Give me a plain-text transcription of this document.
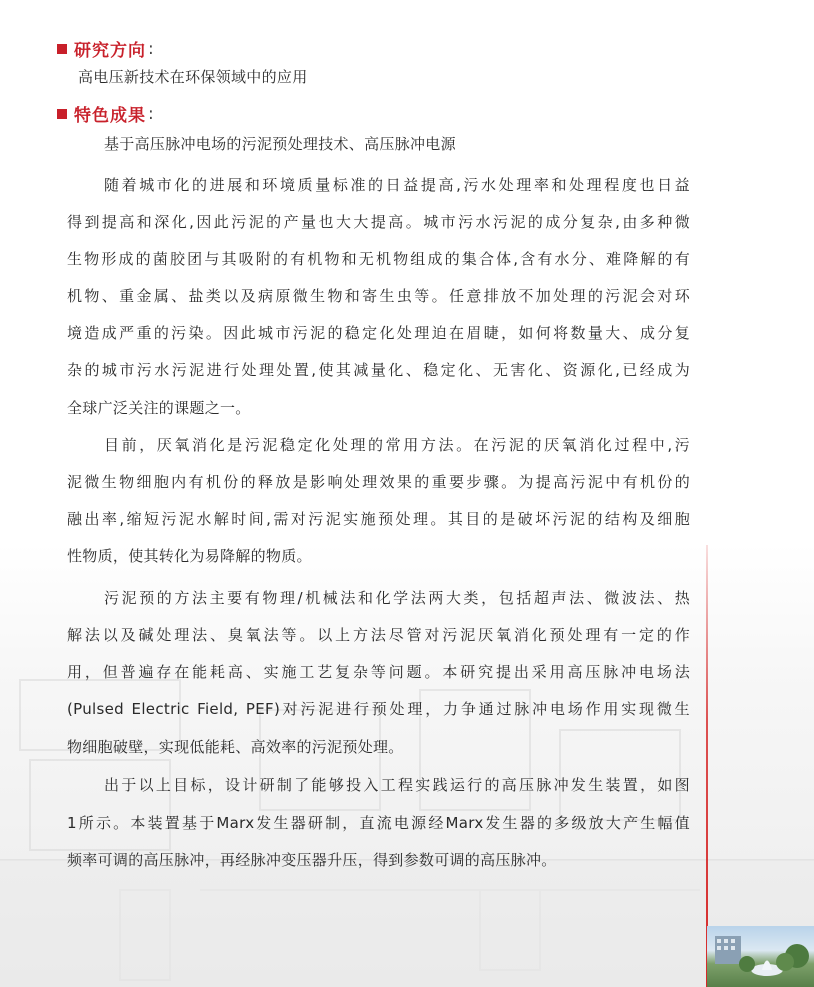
研究方向 :
高电压新技术在环保领域中的应用
特色成果 :
基于高压脉冲电场的污泥预处理技术、高压脉冲电源
随着城市化的进展和环境质量标准的日益提高,污水处理率和处理程度也日益
得到提高和深化,因此污泥的产量也大大提高。城市污水污泥的成分复杂,由多种微
生物形成的菌胶团与其吸附的有机物和无机物组成的集合体,含有水分、难降解的有
机物、重金属、盐类以及病原微生物和寄生虫等。任意排放不加处理的污泥会对环
境造成严重的污染。因此城市污泥的稳定化处理迫在眉睫，如何将数量大、成分复
杂的城市污水污泥进行处理处置,使其减量化、稳定化、无害化、资源化,已经成为
全球广泛关注的课题之一。
目前，厌氧消化是污泥稳定化处理的常用方法。在污泥的厌氧消化过程中,污
泥微生物细胞内有机份的释放是影响处理效果的重要步骤。为提高污泥中有机份的
融出率,缩短污泥水解时间,需对污泥实施预处理。其目的是破坏污泥的结构及细胞
性物质，使其转化为易降解的物质。
污泥预的方法主要有物理/机械法和化学法两大类，包括超声法、微波法、热
解法以及碱处理法、臭氧法等。以上方法尽管对污泥厌氧消化预处理有一定的作
用，但普遍存在能耗高、实施工艺复杂等问题。本研究提出采用高压脉冲电场法
(Pulsed Electric Field, PEF)对污泥进行预处理，力争通过脉冲电场作用实现微生
物细胞破壁，实现低能耗、高效率的污泥预处理。
出于以上目标，设计研制了能够投入工程实践运行的高压脉冲发生装置，如图
1所示。本装置基于Marx发生器研制，直流电源经Marx发生器的多级放大产生幅值
频率可调的高压脉冲，再经脉冲变压器升压，得到参数可调的高压脉冲。
